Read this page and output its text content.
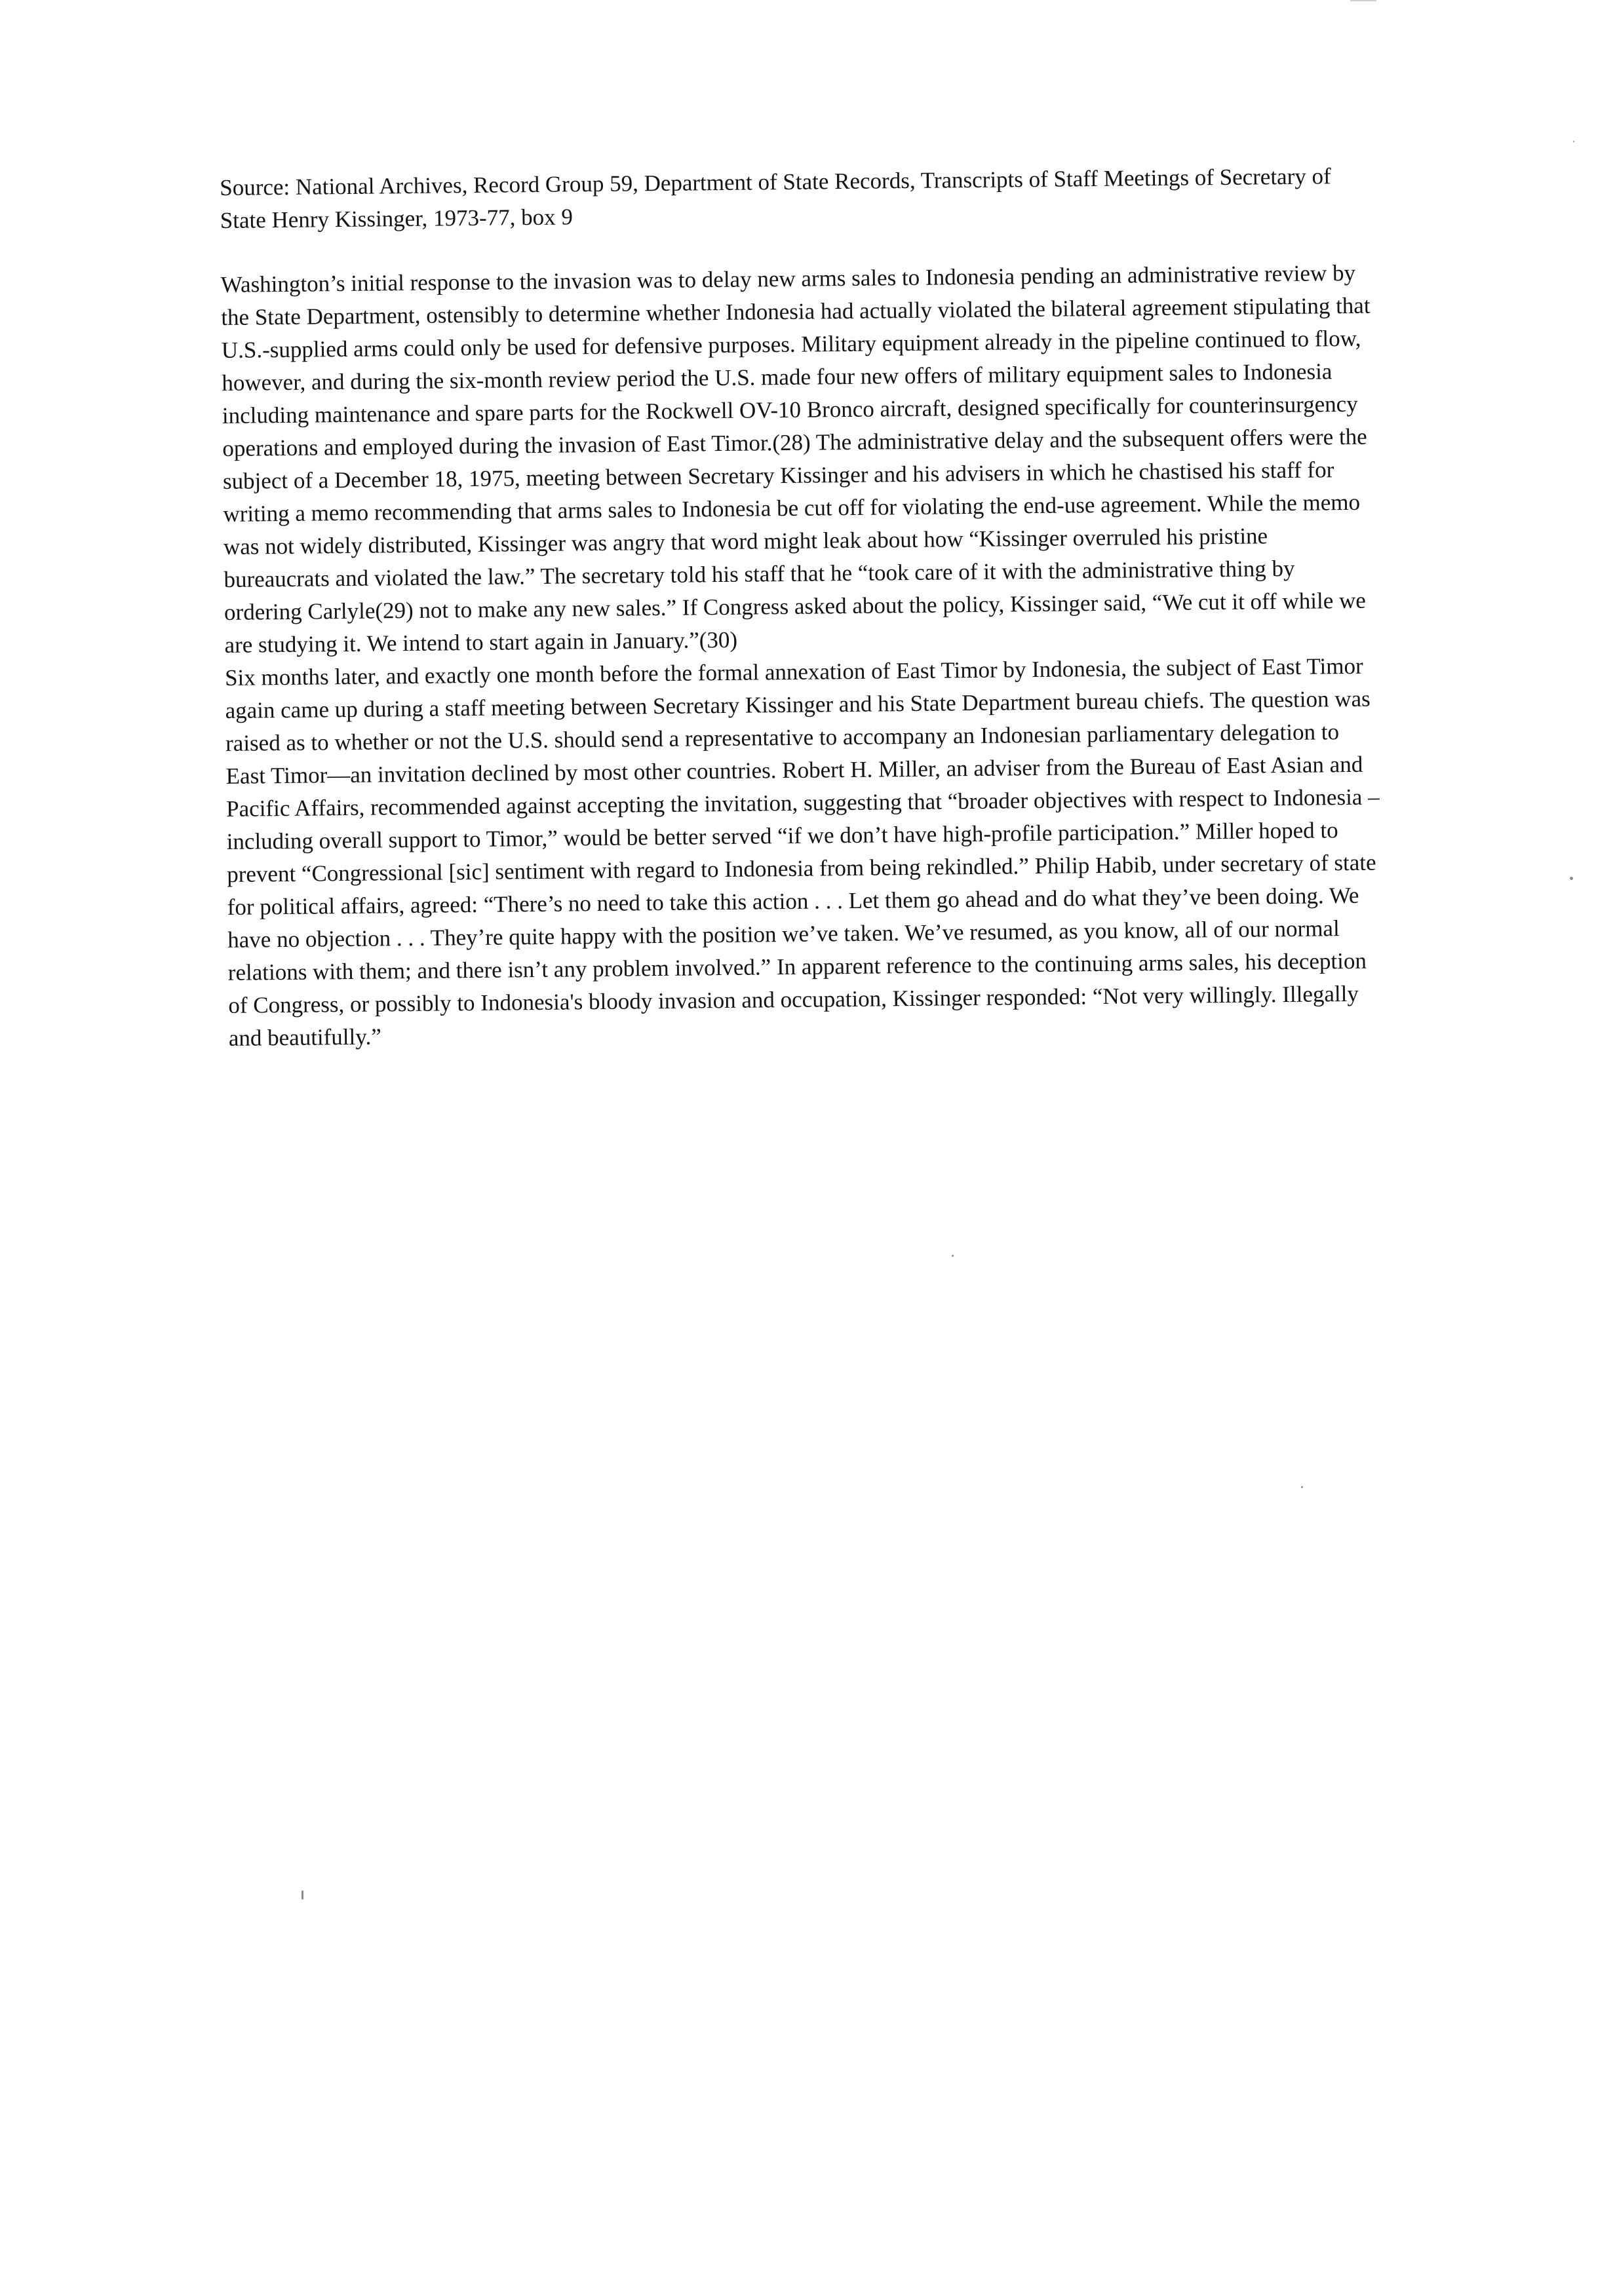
Source: National Archives, Record Group 59, Department of State Records, Transcripts of Staff Meetings of Secretary of State Henry Kissinger, 1973-77, box 9

Washington’s initial response to the invasion was to delay new arms sales to Indonesia pending an administrative review by the State Department, ostensibly to determine whether Indonesia had actually violated the bilateral agreement stipulating that U.S.-supplied arms could only be used for defensive purposes. Military equipment already in the pipeline continued to flow, however, and during the six-month review period the U.S. made four new offers of military equipment sales to Indonesia including maintenance and spare parts for the Rockwell OV-10 Bronco aircraft, designed specifically for counterinsurgency operations and employed during the invasion of East Timor.(28) The administrative delay and the subsequent offers were the subject of a December 18, 1975, meeting between Secretary Kissinger and his advisers in which he chastised his staff for writing a memo recommending that arms sales to Indonesia be cut off for violating the end-use agreement. While the memo was not widely distributed, Kissinger was angry that word might leak about how “Kissinger overruled his pristine bureaucrats and violated the law.” The secretary told his staff that he “took care of it with the administrative thing by ordering Carlyle(29) not to make any new sales.” If Congress asked about the policy, Kissinger said, “We cut it off while we are studying it. We intend to start again in January.”(30)

Six months later, and exactly one month before the formal annexation of East Timor by Indonesia, the subject of East Timor again came up during a staff meeting between Secretary Kissinger and his State Department bureau chiefs. The question was raised as to whether or not the U.S. should send a representative to accompany an Indonesian parliamentary delegation to East Timor—an invitation declined by most other countries. Robert H. Miller, an adviser from the Bureau of East Asian and Pacific Affairs, recommended against accepting the invitation, suggesting that “broader objectives with respect to Indonesia – including overall support to Timor,” would be better served “if we don’t have high-profile participation.” Miller hoped to prevent “Congressional [sic] sentiment with regard to Indonesia from being rekindled.” Philip Habib, under secretary of state for political affairs, agreed: “There’s no need to take this action . . . Let them go ahead and do what they’ve been doing. We have no objection . . . They’re quite happy with the position we’ve taken. We’ve resumed, as you know, all of our normal relations with them; and there isn’t any problem involved.” In apparent reference to the continuing arms sales, his deception of Congress, or possibly to Indonesia's bloody invasion and occupation, Kissinger responded: “Not very willingly. Illegally and beautifully.”
